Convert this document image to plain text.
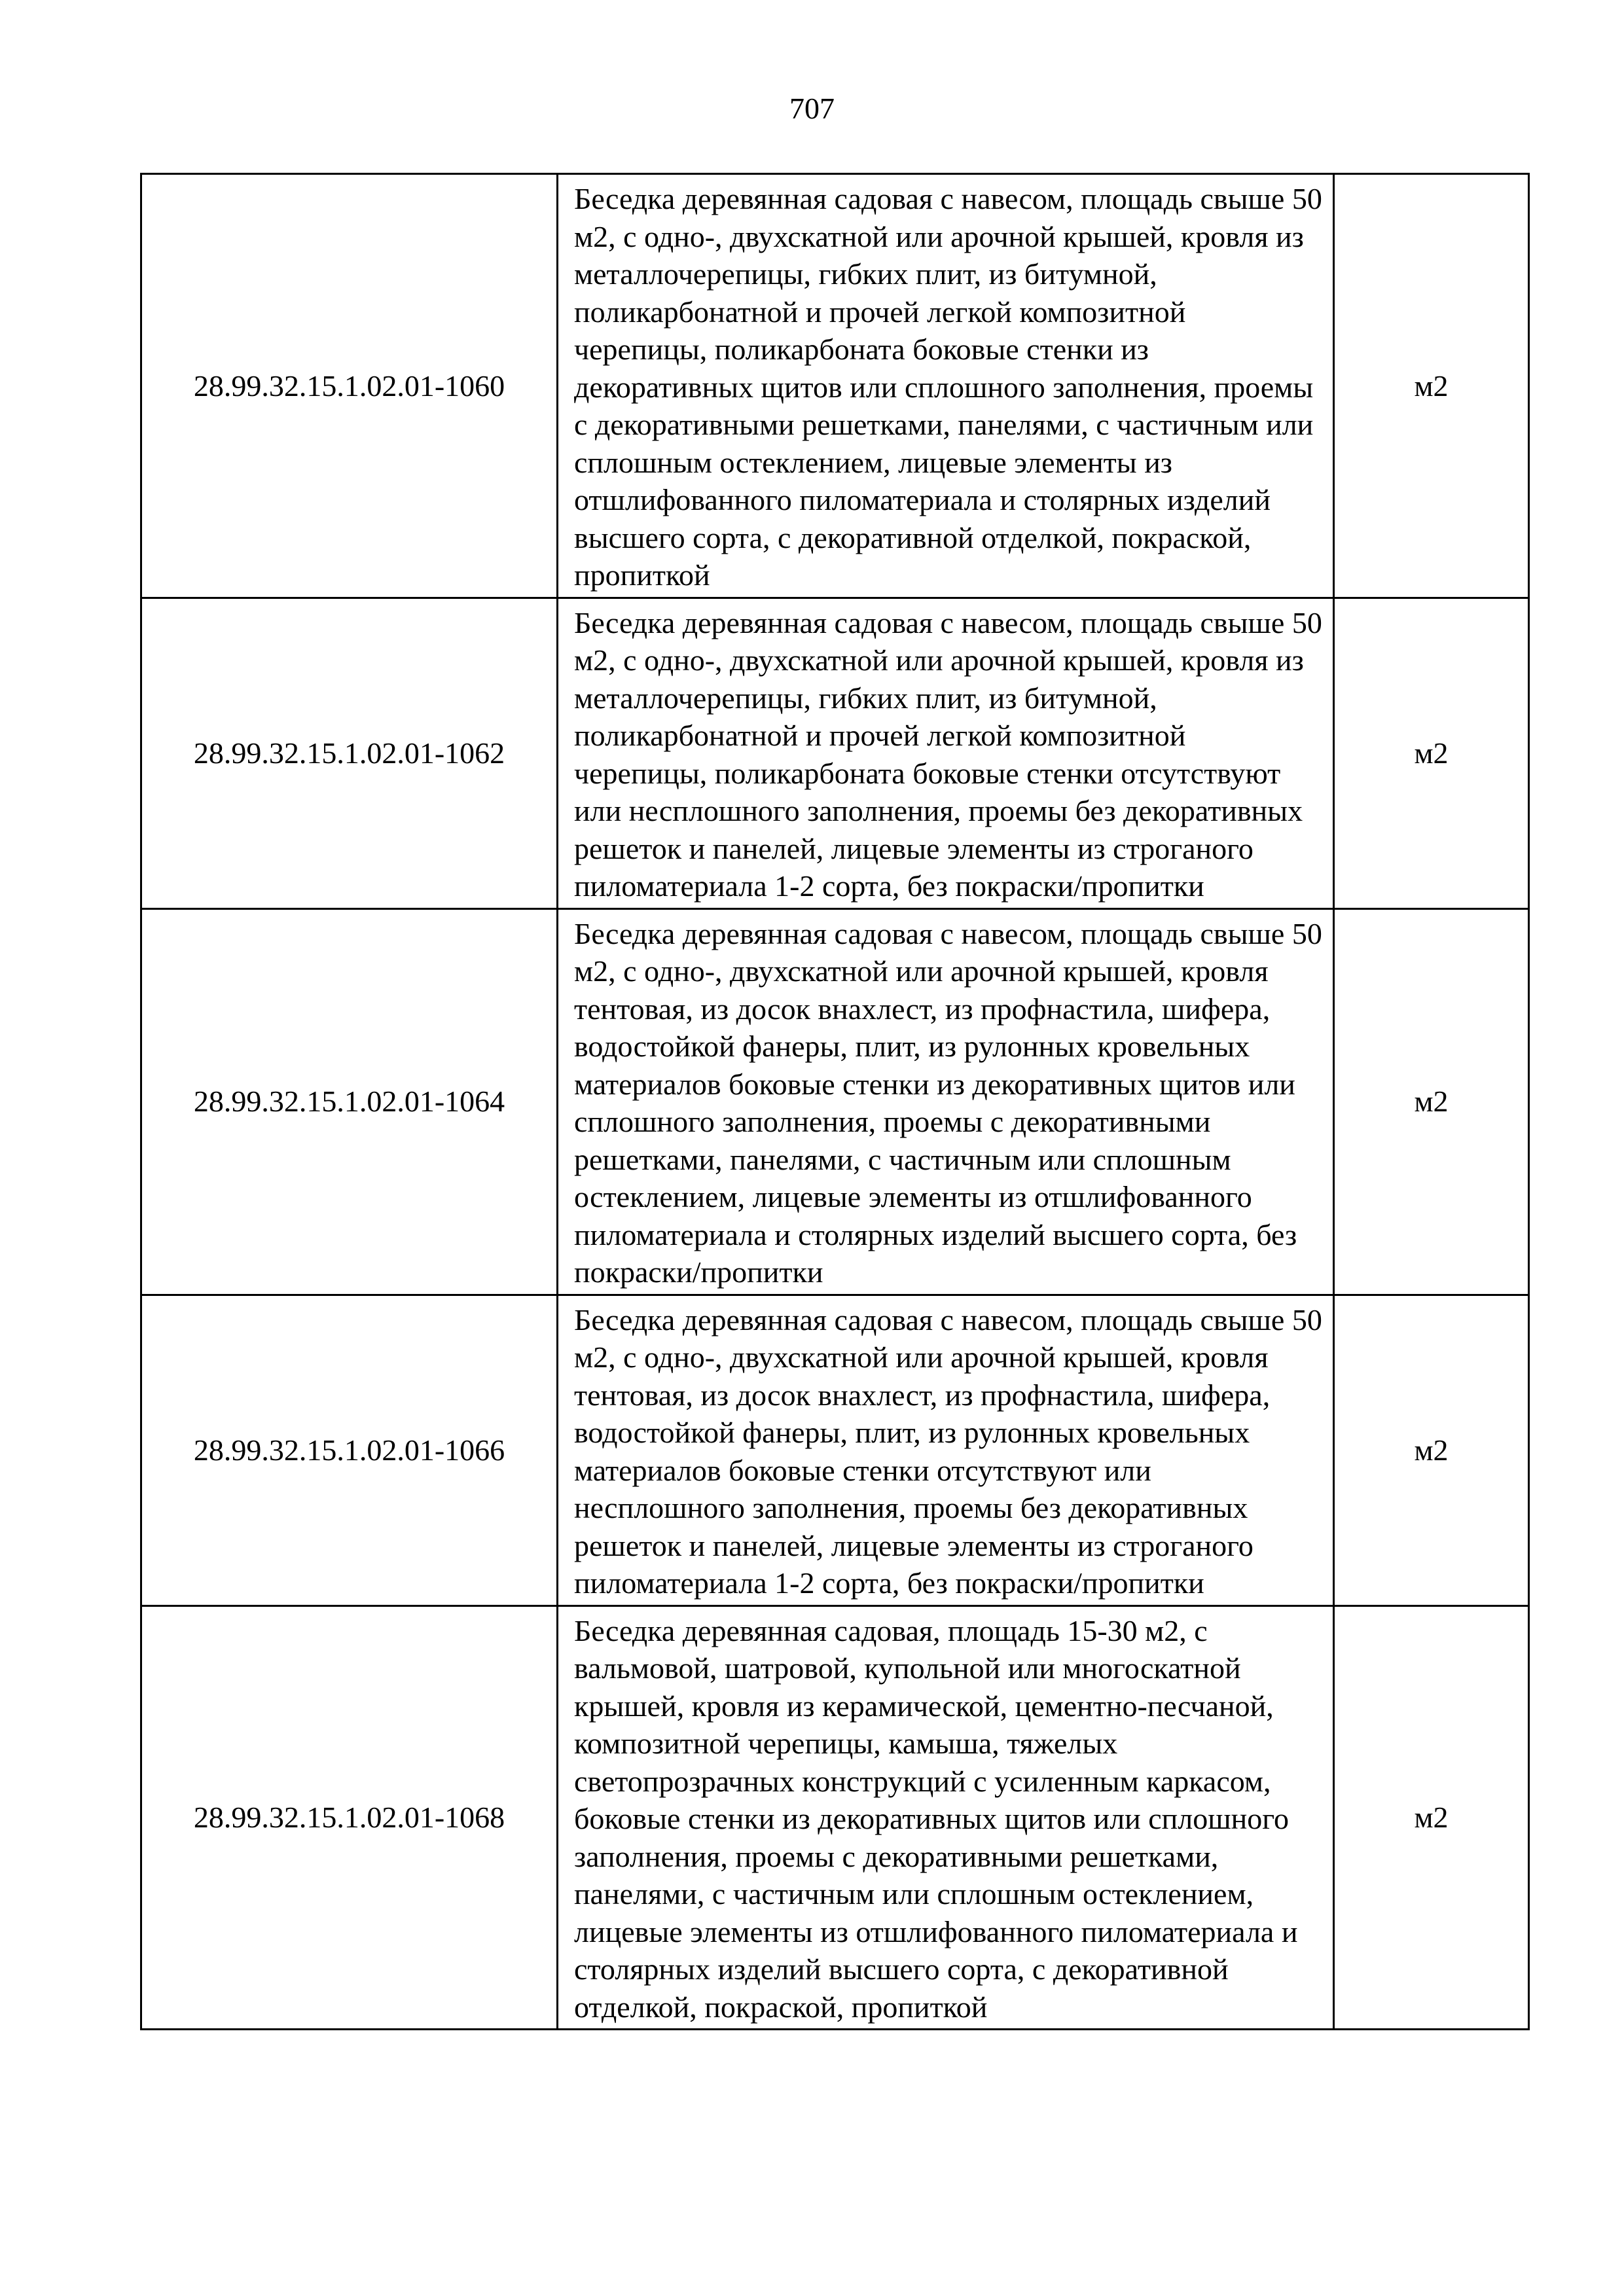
707
28.99.32.15.1.02.01-1060	Беседка деревянная садовая с навесом, площадь свыше 50 м2, с одно-, двухскатной или арочной крышей, кровля из металлочерепицы, гибких плит, из битумной, поликарбонатной и прочей легкой композитной черепицы, поликарбоната боковые стенки из декоративных щитов или сплошного заполнения, проемы с декоративными решетками, панелями, с частичным или сплошным остеклением, лицевые элементы из отшлифованного пиломатериала и столярных изделий высшего сорта, с декоративной отделкой, покраской, пропиткой	м2
28.99.32.15.1.02.01-1062	Беседка деревянная садовая с навесом, площадь свыше 50 м2, с одно-, двухскатной или арочной крышей, кровля из металлочерепицы, гибких плит, из битумной, поликарбонатной и прочей легкой композитной черепицы, поликарбоната боковые стенки отсутствуют или несплошного заполнения, проемы без декоративных решеток и панелей, лицевые элементы из строганого пиломатериала 1-2 сорта, без покраски/пропитки	м2
28.99.32.15.1.02.01-1064	Беседка деревянная садовая с навесом, площадь свыше 50 м2, с одно-, двухскатной или арочной крышей, кровля тентовая, из досок внахлест, из профнастила, шифера, водостойкой фанеры, плит, из рулонных кровельных материалов боковые стенки из декоративных щитов или сплошного заполнения, проемы с декоративными решетками, панелями, с частичным или сплошным остеклением, лицевые элементы из отшлифованного пиломатериала и столярных изделий высшего сорта, без покраски/пропитки	м2
28.99.32.15.1.02.01-1066	Беседка деревянная садовая с навесом, площадь свыше 50 м2, с одно-, двухскатной или арочной крышей, кровля тентовая, из досок внахлест, из профнастила, шифера, водостойкой фанеры, плит, из рулонных кровельных материалов боковые стенки отсутствуют или несплошного заполнения, проемы без декоративных решеток и панелей, лицевые элементы из строганого пиломатериала 1-2 сорта, без покраски/пропитки	м2
28.99.32.15.1.02.01-1068	Беседка деревянная садовая, площадь 15-30 м2, с вальмовой, шатровой, купольной или многоскатной крышей, кровля из керамической, цементно-песчаной, композитной черепицы, камыша, тяжелых светопрозрачных конструкций с усиленным каркасом, боковые стенки из декоративных щитов или сплошного заполнения, проемы с декоративными решетками, панелями, с частичным или сплошным остеклением, лицевые элементы из отшлифованного пиломатериала и столярных изделий высшего сорта, с декоративной отделкой, покраской, пропиткой	м2
